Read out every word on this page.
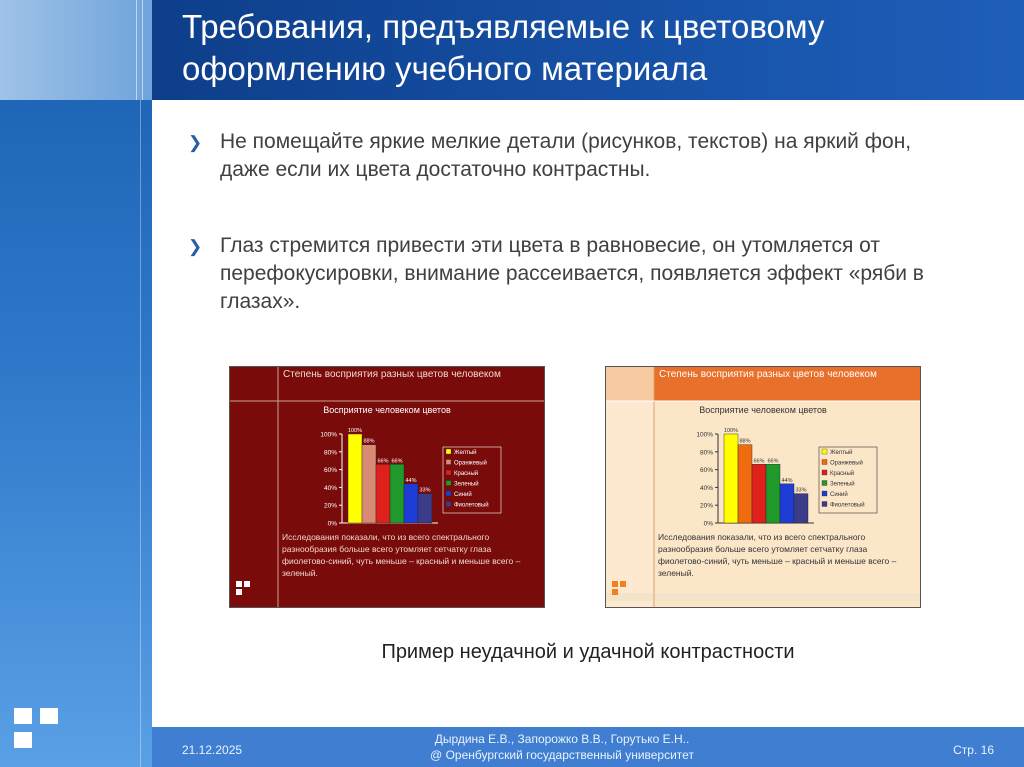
Требования, предъявляемые к цветовому оформлению учебного материала
❯ Не помещайте яркие мелкие детали (рисунков, текстов) на яркий фон, даже если их цвета достаточно контрастны.
❯ Глаз стремится привести эти цвета в равновесие, он утомляется от перефокусировки, внимание рассеивается, появляется эффект «ряби в глазах».
0%
20%
40%
60%
80%
100%
100%
88%
66% 66%
44%
33%
Желтый
Оранжевый
Красный
Зеленый
Синий
Фиолетовый
Степень восприятия разных цветов человеком
Восприятие человеком цветов
Исследования показали, что из всего спектрального разнообразия больше всего утомляет сетчатку глаза фиолетово-синий, чуть меньше – красный и меньше всего – зеленый.
0%
20%
40%
60%
80%
100%
100%
88%
66% 66%
44%
33%
Желтый
Оранжевый
Красный
Зеленый
Синий
Фиолетовый
Степень восприятия разных цветов человеком
Восприятие человеком цветов
Исследования показали, что из всего спектрального разнообразия больше всего утомляет сетчатку глаза фиолетово-синий, чуть меньше – красный и меньше всего – зеленый.
Пример неудачной и удачной контрастности
21.12.2025
Дырдина Е.В., Запорожко В.В., Горутько Е.Н..
@ Оренбургский государственный университет	Стр. 16
